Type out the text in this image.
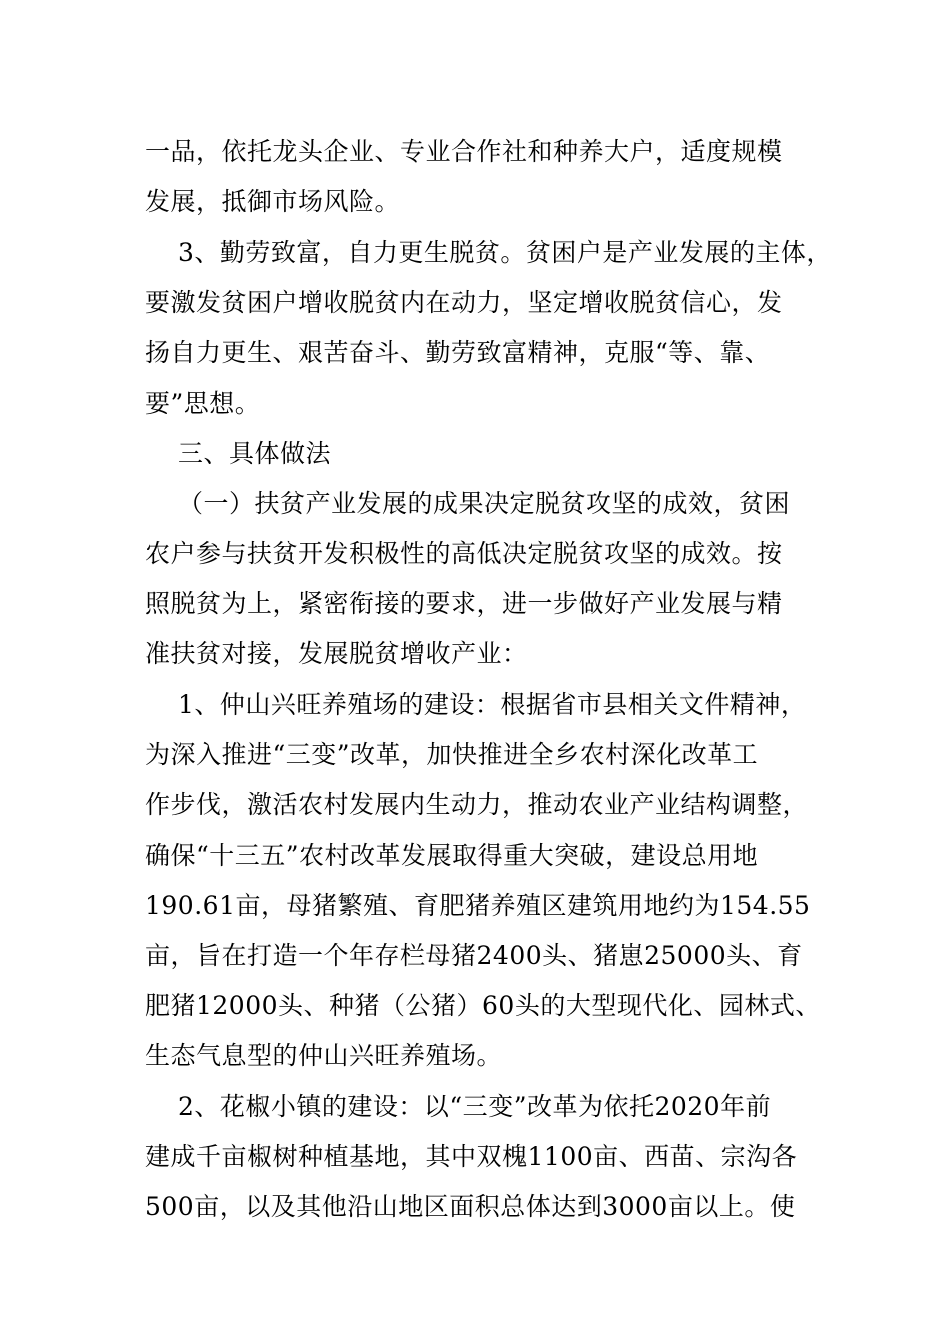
一品，依托龙头企业、专业合作社和种养大户，适度规模
发展，抵御市场风险。
3、勤劳致富，自力更生脱贫。贫困户是产业发展的主体，
要激发贫困户增收脱贫内在动力，坚定增收脱贫信心，发
扬自力更生、艰苦奋斗、勤劳致富精神，克服“等、靠、
要”思想。
三、具体做法
（一）扶贫产业发展的成果决定脱贫攻坚的成效，贫困
农户参与扶贫开发积极性的高低决定脱贫攻坚的成效。按
照脱贫为上，紧密衔接的要求，进一步做好产业发展与精
准扶贫对接，发展脱贫增收产业：
1、仲山兴旺养殖场的建设：根据省市县相关文件精神，
为深入推进“三变”改革，加快推进全乡农村深化改革工
作步伐，激活农村发展内生动力，推动农业产业结构调整，
确保“十三五”农村改革发展取得重大突破，建设总用地
190.61亩，母猪繁殖、育肥猪养殖区建筑用地约为154.55
亩，旨在打造一个年存栏母猪2400头、猪崽25000头、育
肥猪12000头、种猪（公猪）60头的大型现代化、园林式、
生态气息型的仲山兴旺养殖场。
2、花椒小镇的建设：以“三变”改革为依托2020年前
建成千亩椒树种植基地，其中双槐1100亩、西苗、宗沟各
500亩，以及其他沿山地区面积总体达到3000亩以上。使
